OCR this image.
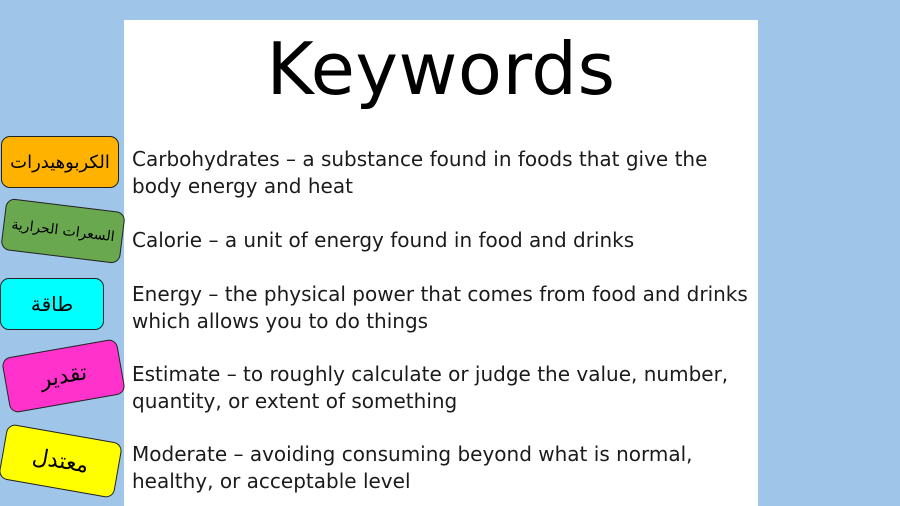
Keywords
Carbohydrates – a substance found in foods that give the body energy and heat
Calorie – a unit of energy found in food and drinks
Energy – the physical power that comes from food and drinks which allows you to do things
Estimate – to roughly calculate or judge the value, number, quantity, or extent of something
Moderate – avoiding consuming beyond what is normal, healthy, or acceptable level
الكربوهيدرات
السعرات الحرارية
طاقة
تقدير
معتدل
